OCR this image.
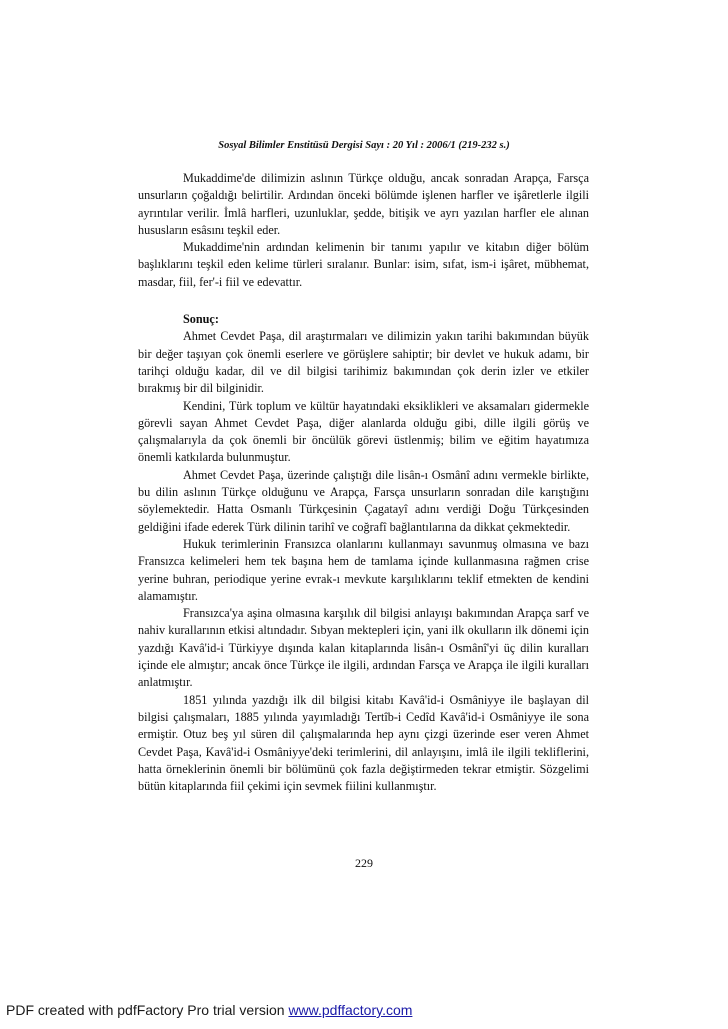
Sosyal Bilimler Enstitüsü Dergisi Sayı : 20 Yıl : 2006/1 (219-232 s.)

Mukaddime'de dilimizin aslının Türkçe olduğu, ancak sonradan Arapça, Farsça unsurların çoğaldığı belirtilir. Ardından önceki bölümde işlenen harfler ve işâretlerle ilgili ayrıntılar verilir. İmlâ harfleri, uzunluklar, şedde, bitişik ve ayrı yazılan harfler ele alınan hususların esâsını teşkil eder.

Mukaddime'nin ardından kelimenin bir tanımı yapılır ve kitabın diğer bölüm başlıklarını teşkil eden kelime türleri sıralanır. Bunlar: isim, sıfat, ism-i işâret, mübhemat, masdar, fiil, fer'-i fiil ve edevattır.

Sonuç:

Ahmet Cevdet Paşa, dil araştırmaları ve dilimizin yakın tarihi bakımından büyük bir değer taşıyan çok önemli eserlere ve görüşlere sahiptir; bir devlet ve hukuk adamı, bir tarihçi olduğu kadar, dil ve dil bilgisi tarihimiz bakımından çok derin izler ve etkiler bırakmış bir dil bilginidir.

Kendini, Türk toplum ve kültür hayatındaki eksiklikleri ve aksamaları gidermekle görevli sayan Ahmet Cevdet Paşa, diğer alanlarda olduğu gibi, dille ilgili görüş ve çalışmalarıyla da çok önemli bir öncülük görevi üstlenmiş; bilim ve eğitim hayatımıza önemli katkılarda bulunmuştur.

Ahmet Cevdet Paşa, üzerinde çalıştığı dile lisân-ı Osmânî adını vermekle birlikte, bu dilin aslının Türkçe olduğunu ve Arapça, Farsça unsurların sonradan dile karıştığını söylemektedir. Hatta Osmanlı Türkçesinin Çagatayî adını verdiği Doğu Türkçesinden geldiğini ifade ederek Türk dilinin tarihî ve coğrafî bağlantılarına da dikkat çekmektedir.

Hukuk terimlerinin Fransızca olanlarını kullanmayı savunmuş olmasına ve bazı Fransızca kelimeleri hem tek başına hem de tamlama içinde kullanmasına rağmen crise yerine buhran, periodique yerine evrak-ı mevkute karşılıklarını teklif etmekten de kendini alamamıştır.

Fransızca'ya aşina olmasına karşılık dil bilgisi anlayışı bakımından Arapça sarf ve nahiv kurallarının etkisi altındadır. Sıbyan mektepleri için, yani ilk okulların ilk dönemi için yazdığı Kavâ'id-i Türkiyye dışında kalan kitaplarında lisân-ı Osmânî'yi üç dilin kuralları içinde ele almıştır; ancak önce Türkçe ile ilgili, ardından Farsça ve Arapça ile ilgili kuralları anlatmıştır.

1851 yılında yazdığı ilk dil bilgisi kitabı Kavâ'id-i Osmâniyye ile başlayan dil bilgisi çalışmaları, 1885 yılında yayımladığı Tertîb-i Cedîd Kavâ'id-i Osmâniyye ile sona ermiştir. Otuz beş yıl süren dil çalışmalarında hep aynı çizgi üzerinde eser veren Ahmet Cevdet Paşa, Kavâ'id-i Osmâniyye'deki terimlerini, dil anlayışını, imlâ ile ilgili tekliflerini, hatta örneklerinin önemli bir bölümünü çok fazla değiştirmeden tekrar etmiştir. Sözgelimi bütün kitaplarında fiil çekimi için sevmek fiilini kullanmıştır.

229
PDF created with pdfFactory Pro trial version www.pdffactory.com
